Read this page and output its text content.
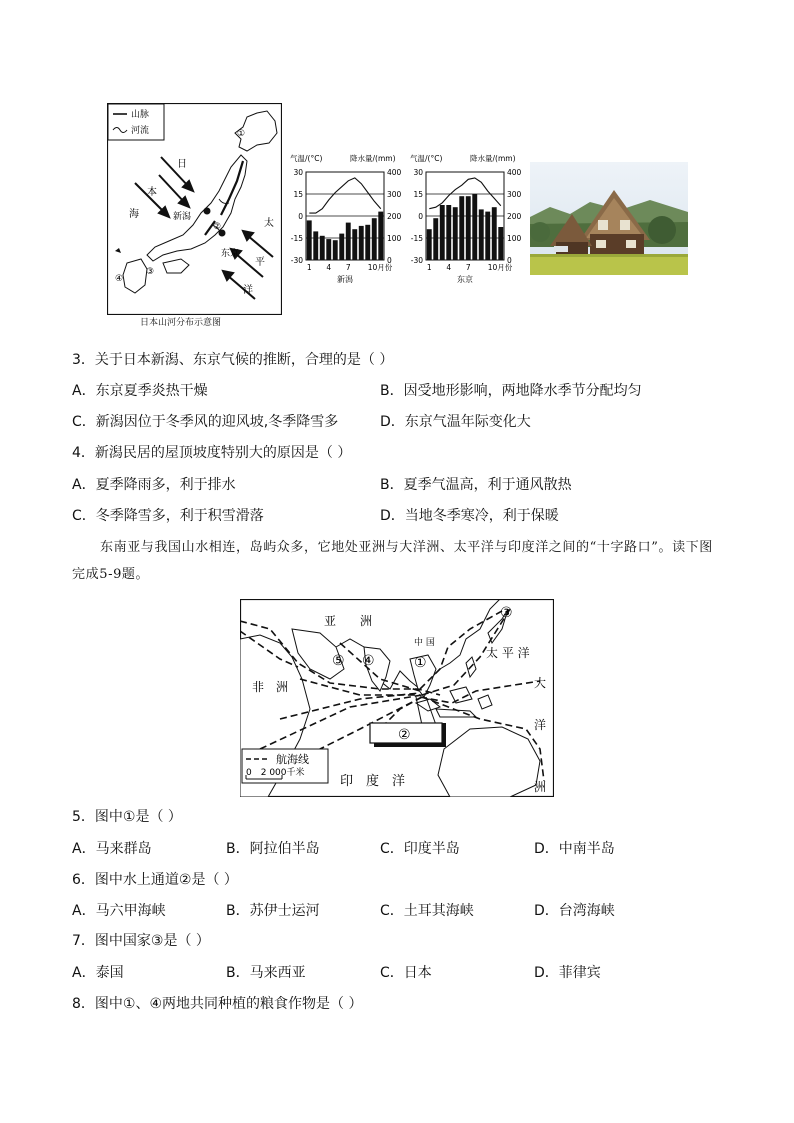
山脉
河流
日
本
海
太
平
洋
新潟
东京
①
②
③
④
日本山河分布示意图
气温/(°C)	降水量/(mm)
30
15
0
-15
-30
400
300
200
100
0
1 4 7 10月份
新潟
气温/(°C)	降水量/(mm)
30
15
0
-15
-30
400
300
200
100
0
1 4 7 10月份
东京
3．关于日本新潟、东京气候的推断，合理的是（ ）
A．东京夏季炎热干燥	B．因受地形影响，两地降水季节分配均匀
C．新潟因位于冬季风的迎风坡,冬季降雪多	D．东京气温年际变化大
4．新潟民居的屋顶坡度特别大的原因是（ ）
A．夏季降雨多，利于排水	B．夏季气温高，利于通风散热
C．冬季降雪多，利于积雪滑落	D．当地冬季寒冷，利于保暖
东南亚与我国山水相连，岛屿众多，它地处亚洲与大洋洲、太平洋与印度洋之间的“十字路口”。读下图完成5-9题。
亚　　洲
中 国
非　洲
太 平 洋
大
洋
洲
印　度　洋
①
②
③
④
⑤
航海线
0　2 000千米
5．图中①是（ ）
A．马来群岛	B．阿拉伯半岛	C．印度半岛	D．中南半岛
6．图中水上通道②是（ ）
A．马六甲海峡	B．苏伊士运河	C．土耳其海峡	D．台湾海峡
7．图中国家③是（ ）
A．泰国	B．马来西亚	C．日本	D．菲律宾
8．图中①、④两地共同种植的粮食作物是（ ）
